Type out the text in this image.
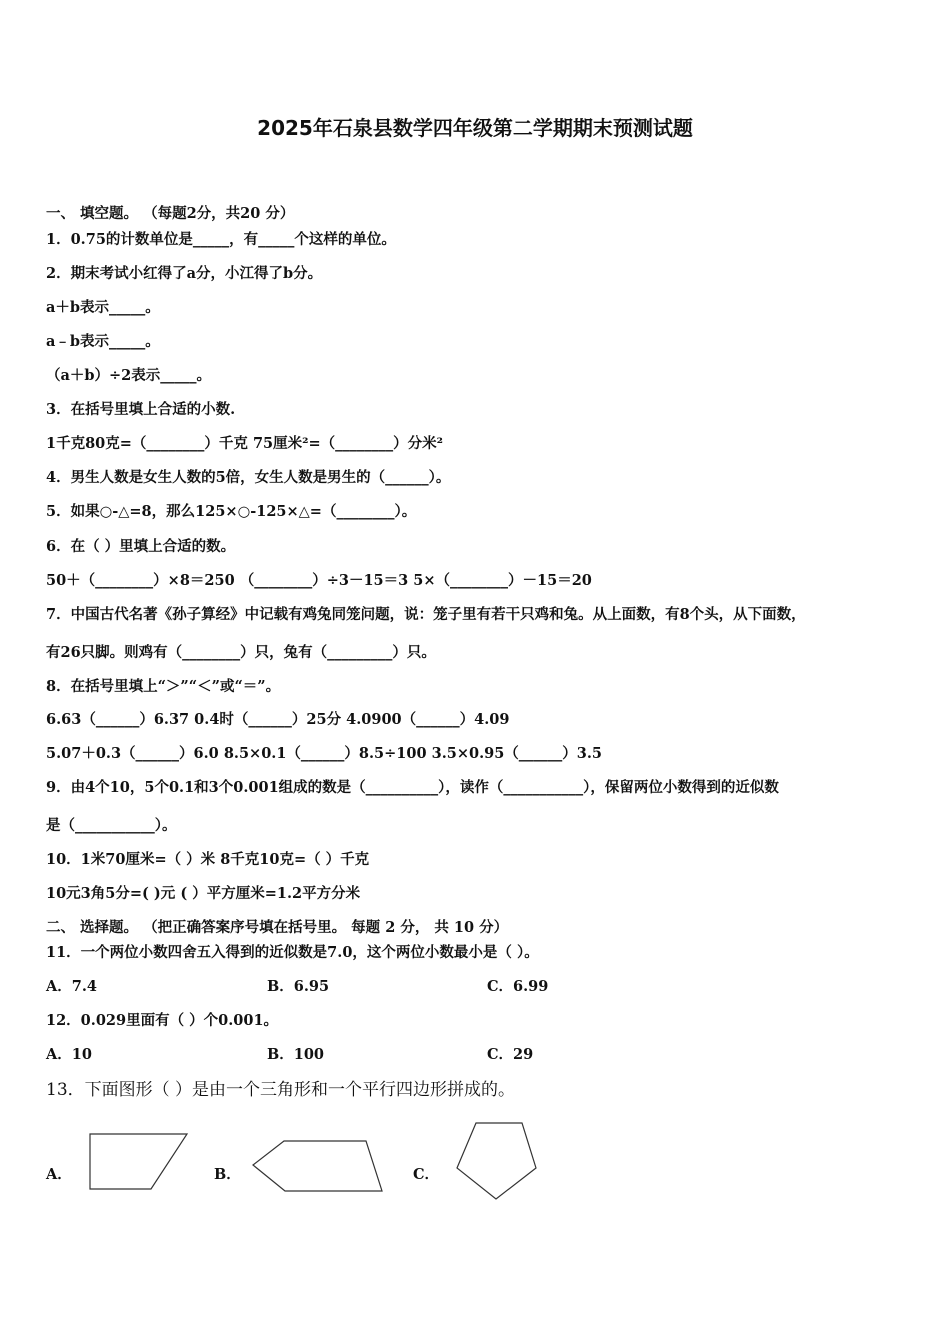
2025年石泉县数学四年级第二学期期末预测试题
一、 填空题。 （每题2分，共20 分）
1．0.75的计数单位是_____，有_____个这样的单位。
2．期末考试小红得了a分，小江得了b分。
a＋b表示_____。
a﹣b表示_____。
（a＋b）÷2表示_____。
3．在括号里填上合适的小数.
1千克80克=（________）千克 75厘米²=（________）分米²
4．男生人数是女生人数的5倍，女生人数是男生的（______）。
5．如果○-△=8，那么125×○-125×△=（________）。
6．在（ ）里填上合适的数。
50＋（________）×8＝250 （________）÷3－15＝3 5×（________）－15＝20
7．中国古代名著《孙子算经》中记载有鸡兔同笼问题，说：笼子里有若干只鸡和兔。从上面数，有8个头，从下面数，
有26只脚。则鸡有（________）只，兔有（_________）只。
8．在括号里填上“＞”“＜”或“＝”。
6.63（______）6.37 0.4时（______）25分 4.0900（______）4.09
5.07＋0.3（______）6.0 8.5×0.1（______）8.5÷100 3.5×0.95（______）3.5
9．由4个10，5个0.1和3个0.001组成的数是（__________），读作（___________），保留两位小数得到的近似数
是（___________）。
10．1米70厘米=（ ）米 8千克10克=（ ）千克
10元3角5分=( )元 ( ）平方厘米=1.2平方分米
二、 选择题。 （把正确答案序号填在括号里。 每题 2 分， 共 10 分）
11．一个两位小数四舍五入得到的近似数是7.0，这个两位小数最小是（ ）。
A．7.4	B．6.95	C．6.99
12．0.029里面有（ ）个0.001。
A．10	B．100	C．29
13．下面图形（ ）是由一个三角形和一个平行四边形拼成的。
A．	B．	C．
